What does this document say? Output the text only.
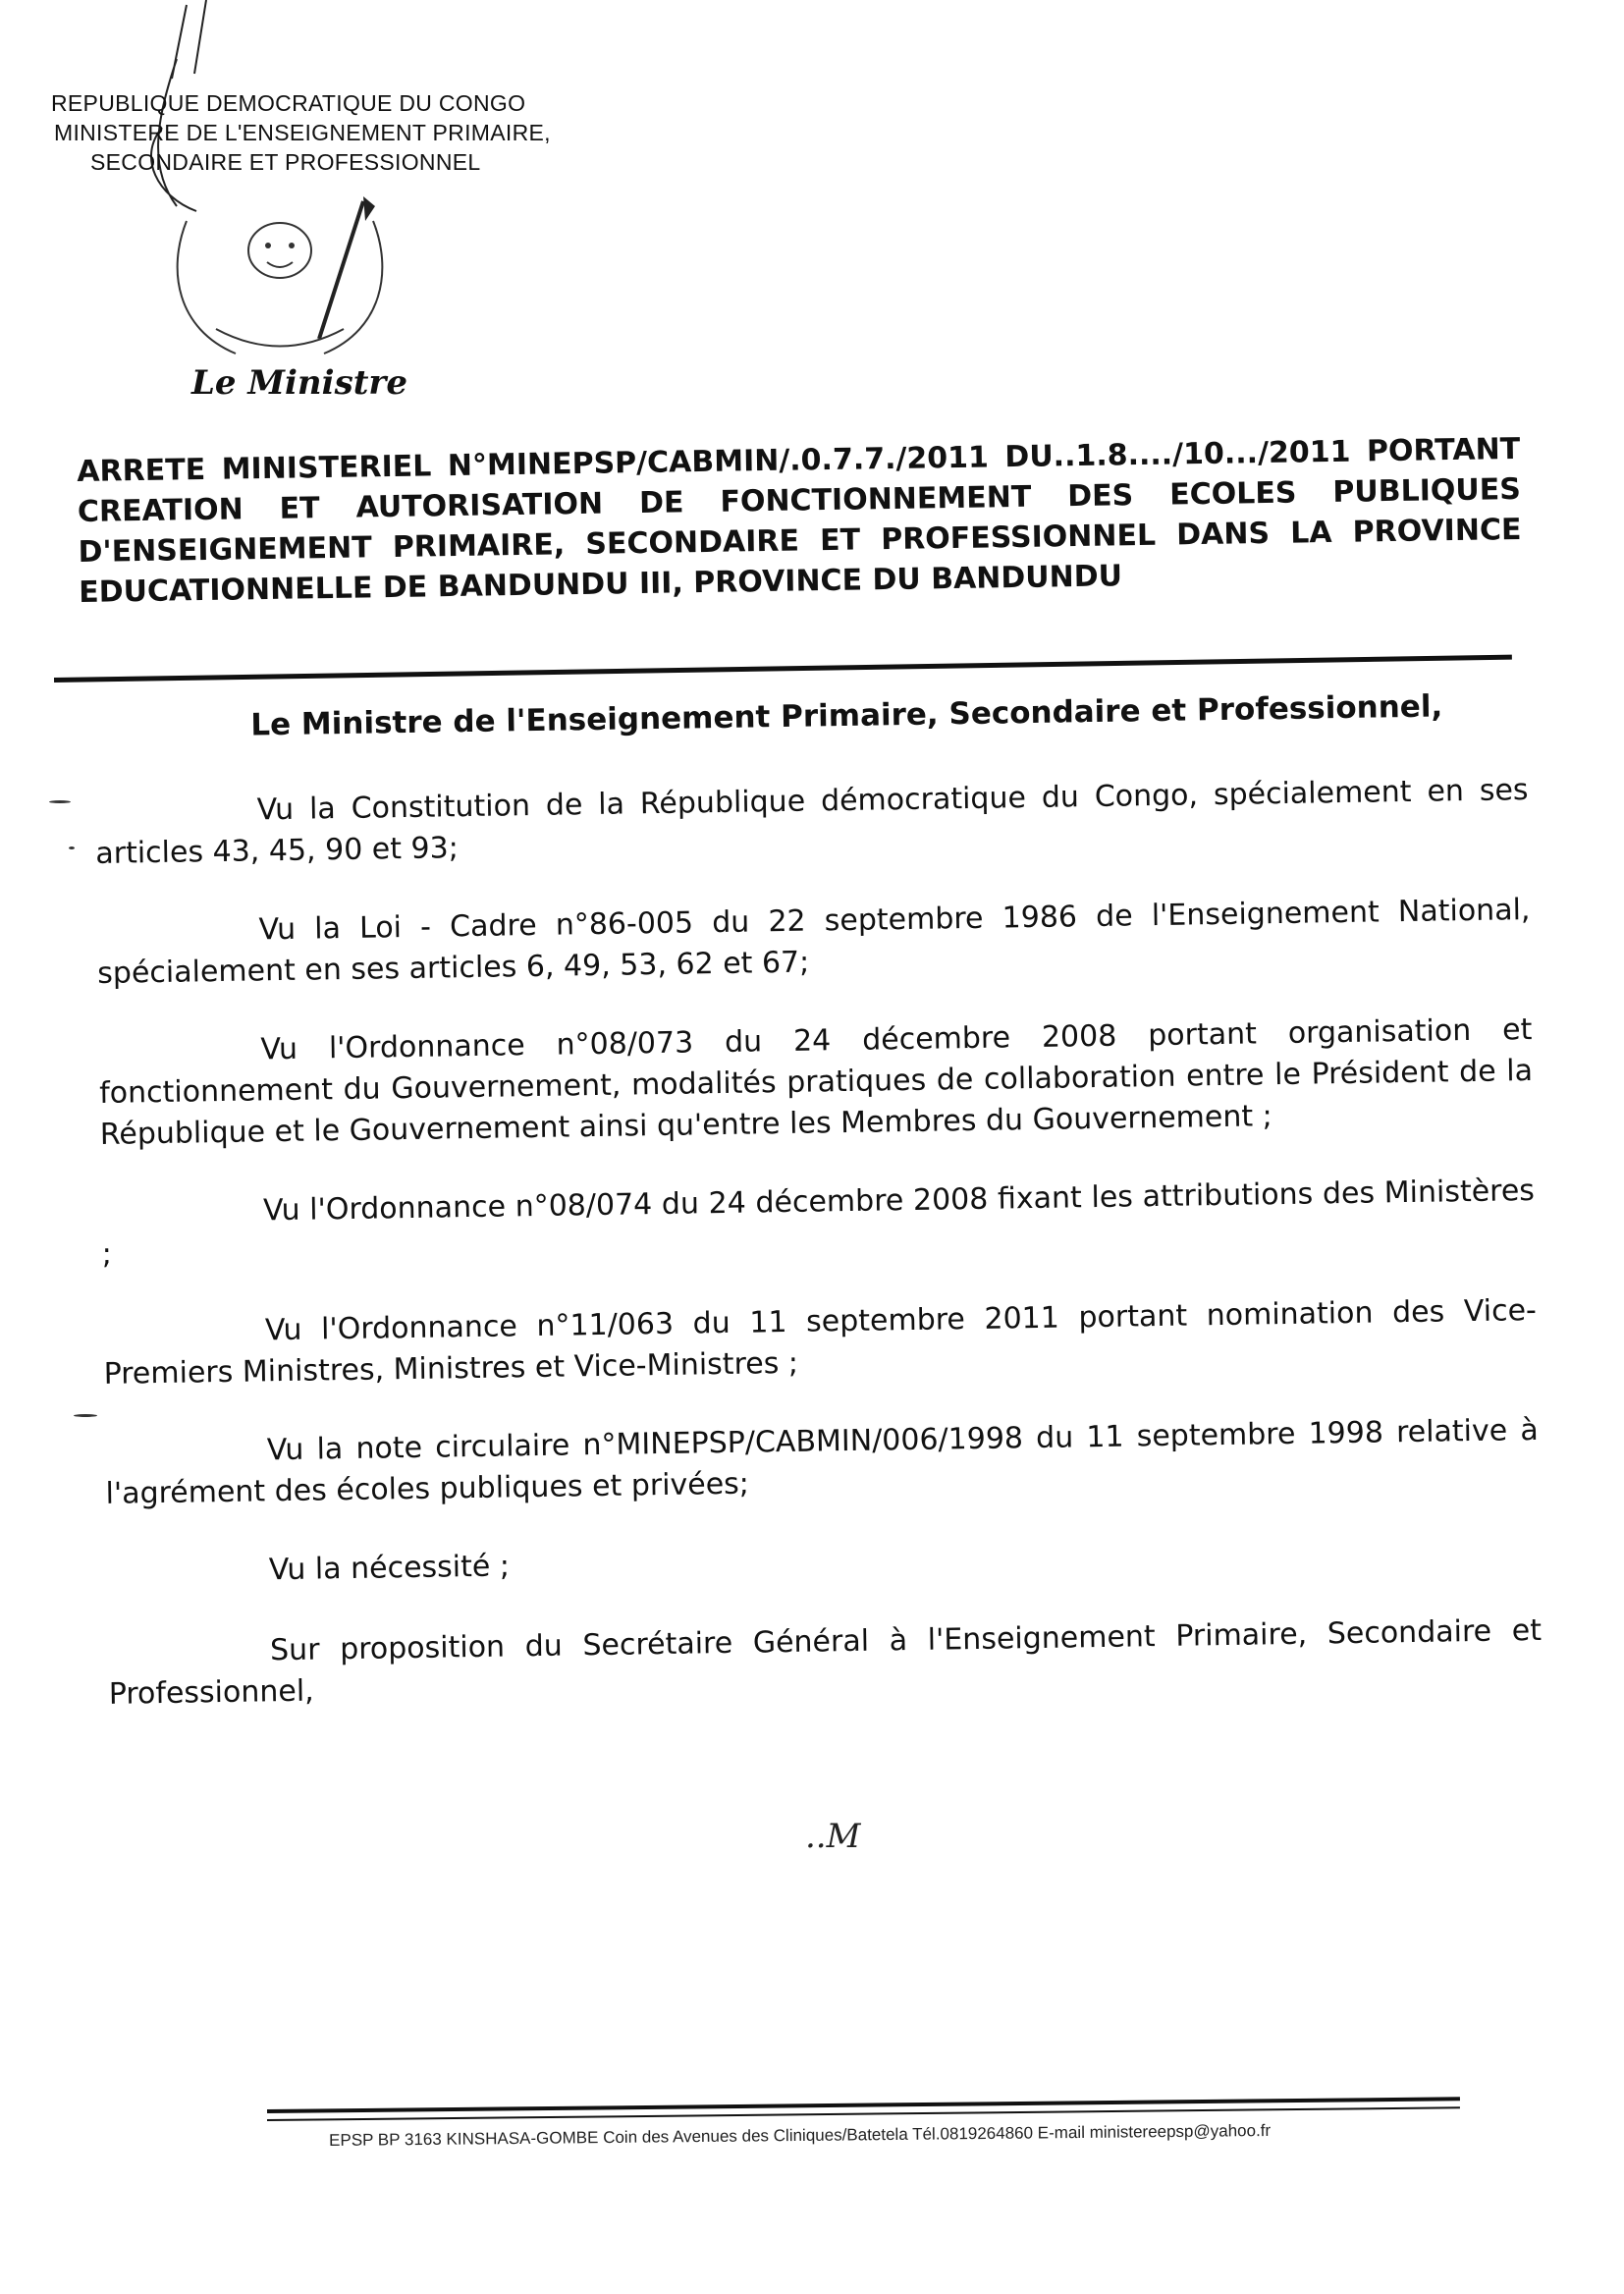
REPUBLIQUE DEMOCRATIQUE DU CONGO
MINISTERE DE L'ENSEIGNEMENT PRIMAIRE,
SECONDAIRE ET PROFESSIONNEL
Le Ministre
ARRETE MINISTERIEL N°MINEPSP/CABMIN/.0.7.7./2011 DU..1.8..../10.../2011 PORTANT
CREATION ET AUTORISATION DE FONCTIONNEMENT DES ECOLES PUBLIQUES
D'ENSEIGNEMENT PRIMAIRE, SECONDAIRE ET PROFESSIONNEL DANS LA PROVINCE
EDUCATIONNELLE DE BANDUNDU III, PROVINCE DU BANDUNDU

Le Ministre de l'Enseignement Primaire, Secondaire et Professionnel,

Vu la Constitution de la République démocratique du Congo, spécialement en ses articles 43, 45, 90 et 93;

Vu la Loi - Cadre n°86-005 du 22 septembre 1986 de l'Enseignement National, spécialement en ses articles 6, 49, 53, 62 et 67;

Vu l'Ordonnance n°08/073 du 24 décembre 2008 portant organisation et fonctionnement du Gouvernement, modalités pratiques de collaboration entre le Président de la République et le Gouvernement ainsi qu'entre les Membres du Gouvernement ;

Vu l'Ordonnance n°08/074 du 24 décembre 2008 fixant les attributions des Ministères ;

Vu l'Ordonnance n°11/063 du 11 septembre 2011 portant nomination des Vice-Premiers Ministres, Ministres et Vice-Ministres ;

Vu la note circulaire n°MINEPSP/CABMIN/006/1998 du 11 septembre 1998 relative à l'agrément des écoles publiques et privées;

Vu la nécessité ;

Sur proposition du Secrétaire Général à l'Enseignement Primaire, Secondaire et Professionnel,

..M
EPSP BP 3163 KINSHASA-GOMBE Coin des Avenues des Cliniques/Batetela Tél.0819264860 E-mail ministereepsp@yahoo.fr
